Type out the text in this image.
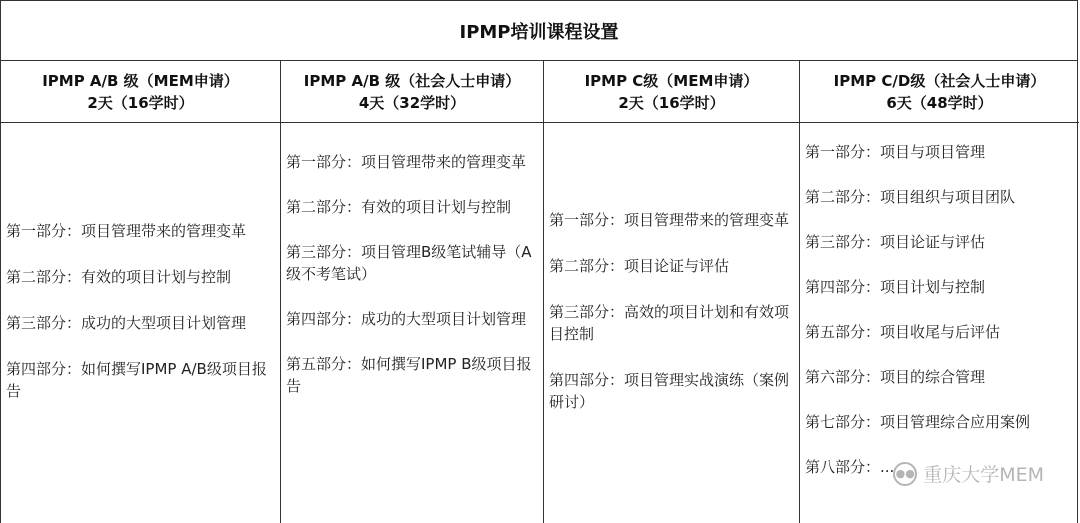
IPMP培训课程设置
IPMP A/B 级（MEM申请）
2天（16学时）
第一部分：项目管理带来的管理变革
第二部分：有效的项目计划与控制
第三部分：成功的大型项目计划管理
第四部分：如何撰写IPMP A/B级项目报告
IPMP A/B 级（社会人士申请）
4天（32学时）
第一部分：项目管理带来的管理变革
第二部分：有效的项目计划与控制
第三部分：项目管理B级笔试辅导（A级不考笔试）
第四部分：成功的大型项目计划管理
第五部分：如何撰写IPMP B级项目报告
IPMP C级（MEM申请）
2天（16学时）
第一部分：项目管理带来的管理变革
第二部分：项目论证与评估
第三部分：高效的项目计划和有效项目控制
第四部分：项目管理实战演练（案例研讨）
IPMP C/D级（社会人士申请）
6天（48学时）
第一部分：项目与项目管理
第二部分：项目组织与项目团队
第三部分：项目论证与评估
第四部分：项目计划与控制
第五部分：项目收尾与后评估
第六部分：项目的综合管理
第七部分：项目管理综合应用案例
第八部分：... ●● 重庆大学MEM
